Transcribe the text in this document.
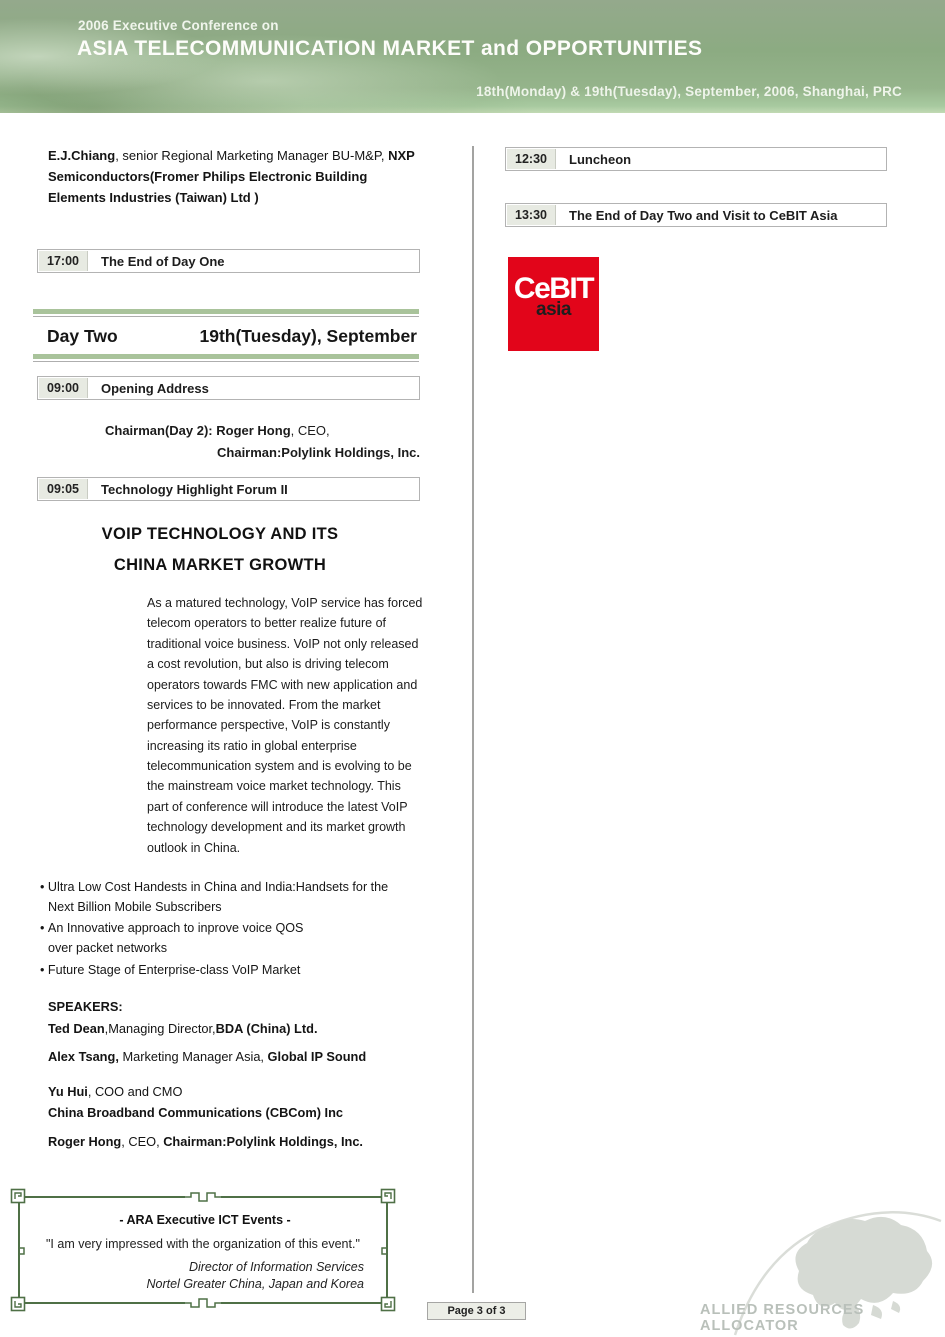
2006 Executive Conference on
ASIA TELECOMMUNICATION MARKET and OPPORTUNITIES
18th(Monday) & 19th(Tuesday), September, 2006, Shanghai, PRC

E.J.Chiang, senior Regional Marketing Manager BU-M&P, NXP Semiconductors(Fromer Philips Electronic Building Elements Industries (Taiwan) Ltd )

17:00	The End of Day One
Day Two	19th(Tuesday), September
09:00	Opening Address
Chairman(Day 2): Roger Hong, CEO,
Chairman:Polylink Holdings, Inc.
09:05	Technology Highlight Forum II
VOIP TECHNOLOGY AND ITS
CHINA MARKET GROWTH

As a matured technology, VoIP service has forced telecom operators to better realize future of traditional voice business. VoIP not only released a cost revolution, but also is driving telecom operators towards FMC with new application and services to be innovated. From the market performance perspective, VoIP is constantly increasing its ratio in global enterprise telecommunication system and is evolving to be the mainstream voice market technology. This part of conference will introduce the latest VoIP technology development and its market growth outlook in China.

• Ultra Low Cost Handests in China and India:Handsets for the
Next Billion Mobile Subscribers
• An Innovative approach to inprove voice QOS
over packet networks
• Future Stage of Enterprise-class VoIP Market
SPEAKERS:
Ted Dean,Managing Director,BDA (China) Ltd.
Alex Tsang, Marketing Manager Asia, Global IP Sound
Yu Hui, COO and CMO
China Broadband Communications (CBCom) Inc
Roger Hong, CEO, Chairman:Polylink Holdings, Inc.
- ARA Executive ICT Events -
"I am very impressed with the organization of this event."
Director of Information Services
Nortel Greater China, Japan and Korea
12:30	Luncheon
13:30	The End of Day Two and Visit to CeBIT Asia
CeBIT
asia
Page 3 of 3	ALLIED RESOURCES ALLOCATOR
